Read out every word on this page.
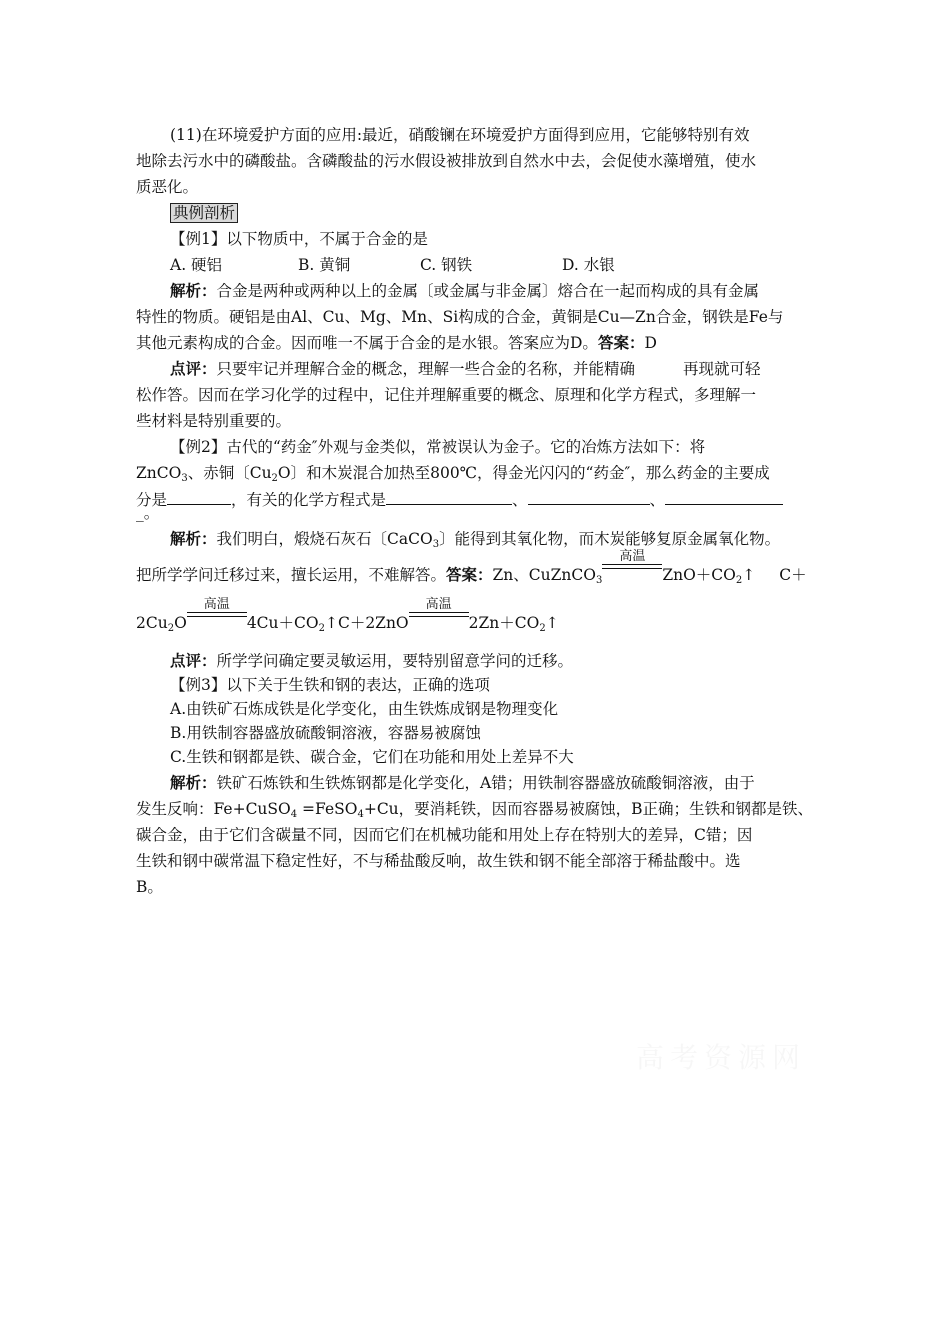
(11)在环境爱护方面的应用:最近，硝酸镧在环境爱护方面得到应用，它能够特别有效
地除去污水中的磷酸盐。含磷酸盐的污水假设被排放到自然水中去，会促使水藻增殖，使水
质恶化。
典例剖析
【例1】以下物质中，不属于合金的是
A. 硬铝	B. 黄铜	C. 钢铁	D. 水银
解析：合金是两种或两种以上的金属〔或金属与非金属〕熔合在一起而构成的具有金属
特性的物质。硬铝是由Al、Cu、Mg、Mn、Si构成的合金，黄铜是Cu—Zn合金，钢铁是Fe与
其他元素构成的合金。因而唯一不属于合金的是水银。答案应为D。答案：D
点评：只要牢记并理解合金的概念，理解一些合金的名称，并能精确	再现就可轻
松作答。因而在学习化学的过程中，记住并理解重要的概念、原理和化学方程式，多理解一
些材料是特别重要的。
【例2】古代的“药金″外观与金类似，常被误认为金子。它的冶炼方法如下：将
ZnCO$_3$、赤铜〔$Cu_2O$〕和木炭混合加热至800℃，得金光闪闪的“药金″，那么药金的主要成
分是	，有关的化学方程式是	、	、
_。
解析：我们明白，煅烧石灰石〔CaCO$_3$〕能得到其氧化物，而木炭能够复原金属氧化物。
把所学学问迁移过来，擅长运用，不难解答。答案：Zn、CuZnCO$_3$
高温
$ZnO+CO_2↑$ C＋
$2Cu_2O$
高温
$4Cu+CO_2↑C+2ZnO$
高温
$2Zn+CO_2↑$
点评：所学学问确定要灵敏运用，要特别留意学问的迁移。
【例3】以下关于生铁和钢的表达，正确的选项
A.由铁矿石炼成铁是化学变化，由生铁炼成钢是物理变化
B.用铁制容器盛放硫酸铜溶液，容器易被腐蚀
C.生铁和钢都是铁、碳合金，它们在功能和用处上差异不大
解析：铁矿石炼铁和生铁炼钢都是化学变化，A错；用铁制容器盛放硫酸铜溶液，由于
发生反响：Fe+CuSO$_4$ =FeSO$_4$+Cu，要消耗铁，因而容器易被腐蚀，B正确；生铁和钢都是铁、
碳合金，由于它们含碳量不同，因而它们在机械功能和用处上存在特别大的差异，C错；因
生铁和钢中碳常温下稳定性好，不与稀盐酸反响，故生铁和钢不能全部溶于稀盐酸中。选
B。
